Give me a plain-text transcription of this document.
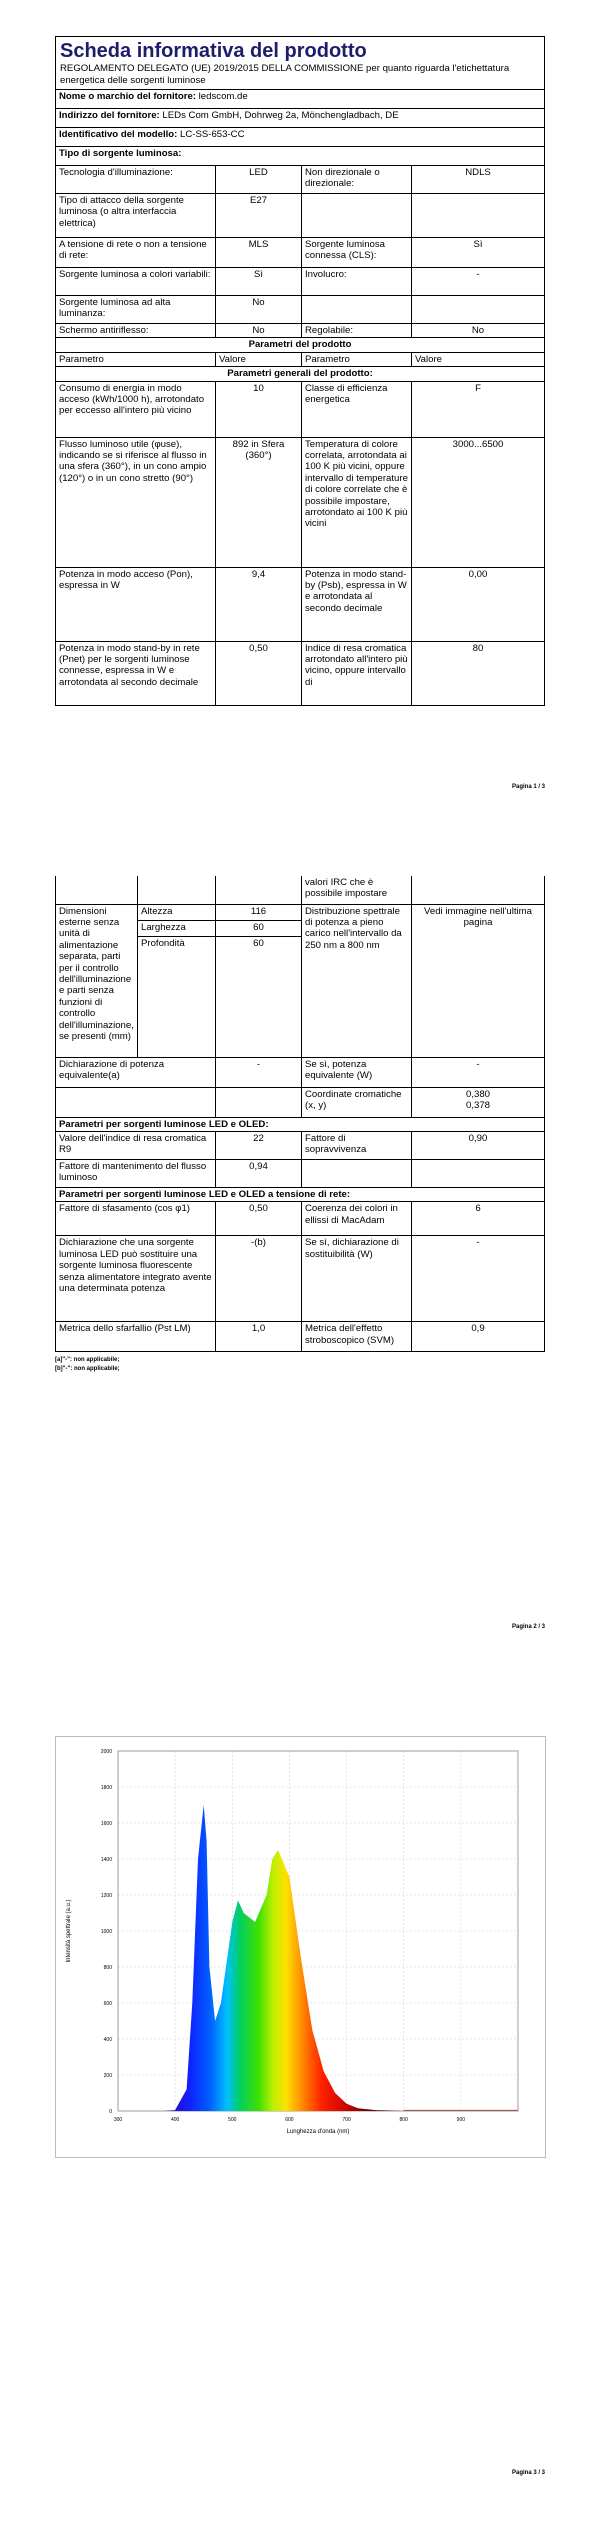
Scheda informativa del prodotto
REGOLAMENTO DELEGATO (UE) 2019/2015 DELLA COMMISSIONE per quanto riguarda l'etichettatura energetica delle sorgenti luminose			

Nome o marchio del fornitore: ledscom.de			
Indirizzo del fornitore: LEDs Com GmbH, Dohrweg 2a, Mönchengladbach, DE			
Identificativo del modello: LC-SS-653-CC			
Tipo di sorgente luminosa:			
Tecnologia d'illuminazione:	LED	Non direzionale o direzionale:	NDLS
Tipo di attacco della sorgente luminosa (o altra interfaccia elettrica)	E27		
A tensione di rete o non a tensione di rete:	MLS	Sorgente luminosa connessa (CLS):	Sì
Sorgente luminosa a colori variabili:	Sì	Involucro:	-
Sorgente luminosa ad alta luminanza:	No		
Schermo antiriflesso:	No	Regolabile:	No
Parametri del prodotto			
Parametro	Valore	Parametro	Valore
Parametri generali del prodotto:			
Consumo di energia in modo acceso (kWh/1000 h), arrotondato per eccesso all'intero più vicino	10	Classe di efficienza energetica	F
Flusso luminoso utile (φuse), indicando se si riferisce al flusso in una sfera (360°), in un cono ampio (120°) o in un cono stretto (90°)	892 in Sfera (360°)	Temperatura di colore correlata, arrotondata ai 100 K più vicini, oppure intervallo di temperature di colore correlate che è possibile impostare, arrotondato ai 100 K più vicini	3000...6500
Potenza in modo acceso (Pon), espressa in W	9,4	Potenza in modo stand-by (Psb), espressa in W e arrotondata al secondo decimale	0,00
Potenza in modo stand-by in rete (Pnet) per le sorgenti luminose connesse, espressa in W e arrotondata al secondo decimale	0,50	Indice di resa cromatica arrotondato all'intero più vicino, oppure intervallo di	80
Pagina 1 / 3
			valori IRC che è possibile impostare	
Dimensioni esterne senza unità di alimentazione separata, parti per il controllo dell'illuminazione e parti senza funzioni di controllo dell'illuminazione, se presenti (mm)	Altezza	116	Distribuzione spettrale di potenza a pieno carico nell'intervallo da 250 nm a 800 nm	Vedi immagine nell'ultima pagina
	Larghezza	60		
	Profondità	60		
Dichiarazione di potenza equivalente(a)		-	Se sì, potenza equivalente (W)	-
			Coordinate cromatiche (x, y)	0,380
0,378
Parametri per sorgenti luminose LED e OLED:				
Valore dell'indice di resa cromatica R9		22	Fattore di sopravvivenza	0,90
Fattore di mantenimento del flusso luminoso		0,94		
Parametri per sorgenti luminose LED e OLED a tensione di rete:				
Fattore di sfasamento (cos φ1)		0,50	Coerenza dei colori in ellissi di MacAdam	6
Dichiarazione che una sorgente luminosa LED può sostituire una sorgente luminosa fluorescente senza alimentatore integrato avente una determinata potenza		-(b)	Se sì, dichiarazione di sostituibilità (W)	-
Metrica dello sfarfallio (Pst LM)		1,0	Metrica dell'effetto stroboscopico (SVM)	0,9
[a]"-": non applicabile;
[b]"-": non applicabile;
Pagina 2 / 3
0
200
400
600
800
1000
1200
1400
1600
1800
2000
300	400	500	600	700	800	900
Lunghezza d'onda (nm)
Intensità spettrale (a.u.)
Pagina 3 / 3
